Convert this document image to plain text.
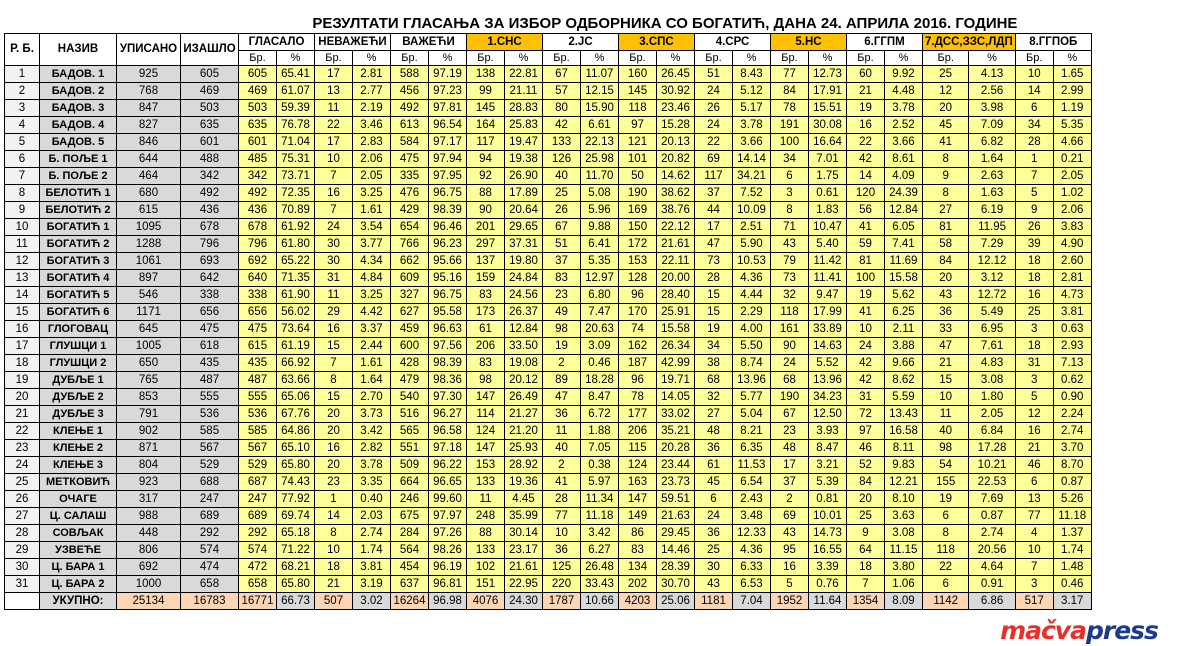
				РЕЗУЛТАТИ ГЛАСАЊА ЗА ИЗБОР ОДБОРНИКА СО БОГАТИЋ, ДАНА 24. АПРИЛА 2016. ГОДИНЕ																					
Р. Б.	НАЗИВ	УПИСАНО	ИЗАШЛО	ГЛАСАЛО		НЕВАЖЕЋИ		ВАЖЕЋИ		1.СНС		2.ЈС		3.СПС		4.СРС		5.НС		6.ГГПМ		7.ДСС,ЗЗС,ЛДП		8.ГГПОБ	
				Бр.	%	Бр.	%	Бр.	%	Бр.	%	Бр.	%	Бр.	%	Бр.	%	Бр.	%	Бр.	%	Бр.	%	Бр.	%
1	БАДОВ. 1	925	605	605	65.41	17	2.81	588	97.19	138	22.81	67	11.07	160	26.45	51	8.43	77	12.73	60	9.92	25	4.13	10	1.65
2	БАДОВ. 2	768	469	469	61.07	13	2.77	456	97.23	99	21.11	57	12.15	145	30.92	24	5.12	84	17.91	21	4.48	12	2.56	14	2.99
3	БАДОВ. 3	847	503	503	59.39	11	2.19	492	97.81	145	28.83	80	15.90	118	23.46	26	5.17	78	15.51	19	3.78	20	3.98	6	1.19
4	БАДОВ. 4	827	635	635	76.78	22	3.46	613	96.54	164	25.83	42	6.61	97	15.28	24	3.78	191	30.08	16	2.52	45	7.09	34	5.35
5	БАДОВ. 5	846	601	601	71.04	17	2.83	584	97.17	117	19.47	133	22.13	121	20.13	22	3.66	100	16.64	22	3.66	41	6.82	28	4.66
6	Б. ПОЉЕ 1	644	488	485	75.31	10	2.06	475	97.94	94	19.38	126	25.98	101	20.82	69	14.14	34	7.01	42	8.61	8	1.64	1	0.21
7	Б. ПОЉЕ 2	464	342	342	73.71	7	2.05	335	97.95	92	26.90	40	11.70	50	14.62	117	34.21	6	1.75	14	4.09	9	2.63	7	2.05
8	БЕЛОТИЋ 1	680	492	492	72.35	16	3.25	476	96.75	88	17.89	25	5.08	190	38.62	37	7.52	3	0.61	120	24.39	8	1.63	5	1.02
9	БЕЛОТИЋ 2	615	436	436	70.89	7	1.61	429	98.39	90	20.64	26	5.96	169	38.76	44	10.09	8	1.83	56	12.84	27	6.19	9	2.06
10	БОГАТИЋ 1	1095	678	678	61.92	24	3.54	654	96.46	201	29.65	67	9.88	150	22.12	17	2.51	71	10.47	41	6.05	81	11.95	26	3.83
11	БОГАТИЋ 2	1288	796	796	61.80	30	3.77	766	96.23	297	37.31	51	6.41	172	21.61	47	5.90	43	5.40	59	7.41	58	7.29	39	4.90
12	БОГАТИЋ 3	1061	693	692	65.22	30	4.34	662	95.66	137	19.80	37	5.35	153	22.11	73	10.53	79	11.42	81	11.69	84	12.12	18	2.60
13	БОГАТИЋ 4	897	642	640	71.35	31	4.84	609	95.16	159	24.84	83	12.97	128	20.00	28	4.36	73	11.41	100	15.58	20	3.12	18	2.81
14	БОГАТИЋ 5	546	338	338	61.90	11	3.25	327	96.75	83	24.56	23	6.80	96	28.40	15	4.44	32	9.47	19	5.62	43	12.72	16	4.73
15	БОГАТИЋ 6	1171	656	656	56.02	29	4.42	627	95.58	173	26.37	49	7.47	170	25.91	15	2.29	118	17.99	41	6.25	36	5.49	25	3.81
16	ГЛОГОВАЦ	645	475	475	73.64	16	3.37	459	96.63	61	12.84	98	20.63	74	15.58	19	4.00	161	33.89	10	2.11	33	6.95	3	0.63
17	ГЛУШЦИ 1	1005	618	615	61.19	15	2.44	600	97.56	206	33.50	19	3.09	162	26.34	34	5.50	90	14.63	24	3.88	47	7.61	18	2.93
18	ГЛУШЦИ 2	650	435	435	66.92	7	1.61	428	98.39	83	19.08	2	0.46	187	42.99	38	8.74	24	5.52	42	9.66	21	4.83	31	7.13
19	ДУБЉЕ 1	765	487	487	63.66	8	1.64	479	98.36	98	20.12	89	18.28	96	19.71	68	13.96	68	13.96	42	8.62	15	3.08	3	0.62
20	ДУБЉЕ 2	853	555	555	65.06	15	2.70	540	97.30	147	26.49	47	8.47	78	14.05	32	5.77	190	34.23	31	5.59	10	1.80	5	0.90
21	ДУБЉЕ 3	791	536	536	67.76	20	3.73	516	96.27	114	21.27	36	6.72	177	33.02	27	5.04	67	12.50	72	13.43	11	2.05	12	2.24
22	КЛЕЊЕ 1	902	585	585	64.86	20	3.42	565	96.58	124	21.20	11	1.88	206	35.21	48	8.21	23	3.93	97	16.58	40	6.84	16	2.74
23	КЛЕЊЕ 2	871	567	567	65.10	16	2.82	551	97.18	147	25.93	40	7.05	115	20.28	36	6.35	48	8.47	46	8.11	98	17.28	21	3.70
24	КЛЕЊЕ 3	804	529	529	65.80	20	3.78	509	96.22	153	28.92	2	0.38	124	23.44	61	11.53	17	3.21	52	9.83	54	10.21	46	8.70
25	МЕТКОВИЋ	923	688	687	74.43	23	3.35	664	96.65	133	19.36	41	5.97	163	23.73	45	6.54	37	5.39	84	12.21	155	22.53	6	0.87
26	ОЧАГЕ	317	247	247	77.92	1	0.40	246	99.60	11	4.45	28	11.34	147	59.51	6	2.43	2	0.81	20	8.10	19	7.69	13	5.26
27	Ц. САЛАШ	988	689	689	69.74	14	2.03	675	97.97	248	35.99	77	11.18	149	21.63	24	3.48	69	10.01	25	3.63	6	0.87	77	11.18
28	СОВЉАК	448	292	292	65.18	8	2.74	284	97.26	88	30.14	10	3.42	86	29.45	36	12.33	43	14.73	9	3.08	8	2.74	4	1.37
29	УЗВЕЋЕ	806	574	574	71.22	10	1.74	564	98.26	133	23.17	36	6.27	83	14.46	25	4.36	95	16.55	64	11.15	118	20.56	10	1.74
30	Ц. БАРА 1	692	474	472	68.21	18	3.81	454	96.19	102	21.61	125	26.48	134	28.39	30	6.33	16	3.39	18	3.80	22	4.64	7	1.48
31	Ц. БАРА 2	1000	658	658	65.80	21	3.19	637	96.81	151	22.95	220	33.43	202	30.70	43	6.53	5	0.76	7	1.06	6	0.91	3	0.46
	УКУПНО:	25134	16783	16771	66.73	507	3.02	16264	96.98	4076	24.30	1787	10.66	4203	25.06	1181	7.04	1952	11.64	1354	8.09	1142	6.86	517	3.17
mačva press
